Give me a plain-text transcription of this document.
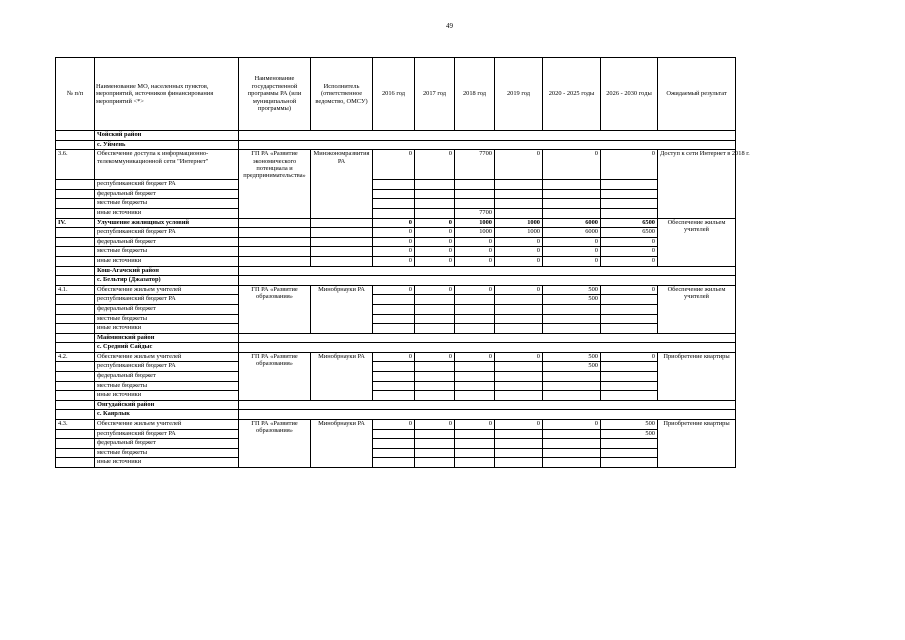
49
№ п/п	Наименование МО, населенных пунктов, мероприятий, источников финансирования мероприятий <*>	Наименование государственной программы РА (или муниципальной программы)	Исполнитель (ответственное ведомство, ОМСУ)	2016 год	2017 год	2018 год	2019 год	2020 - 2025 годы	2026 - 2030 годы	Ожидаемый результат
	Чойский район									
	с. Уймень									
3.6.	Обеспечение доступа к информационно-телекоммуникационной сети "Интернет"	ГП РА «Развитие экономического потенциала и предпринимательства»	Минэкономразвития РА	0	0	7700	0	0	0	Доступ к сети Интернет в 2018 г.
	республиканский бюджет РА									
	федеральный бюджет									
	местные бюджеты									
	иные источники					7700				
IV.	Улучшение жилищных условий			0	0	1000	1000	6000	6500	Обеспечение жильем учителей
	республиканский бюджет РА			0	0	1000	1000	6000	6500	
	федеральный бюджет			0	0	0	0	0	0	
	местные бюджеты			0	0	0	0	0	0	
	иные источники			0	0	0	0	0	0	
	Кош-Агачский район									
	с. Бельтир (Джазатор)									
4.1.	Обеспечение жильем учителей	ГП РА «Развитие образования»	Минобрнауки РА	0	0	0	0	500	0	Обеспечение жильем учителей
	республиканский бюджет РА							500		
	федеральный бюджет									
	местные бюджеты									
	иные источники									
	Майминский район									
	с. Средний Сайдыс									
4.2.	Обеспечение жильем учителей	ГП РА «Развитие образования»	Минобрнауки РА	0	0	0	0	500	0	Приобретение квартиры
	республиканский бюджет РА							500		
	федеральный бюджет									
	местные бюджеты									
	иные источники									
	Онгудайский район									
	с. Каярлык									
4.3.	Обеспечение жильем учителей	ГП РА «Развитие образования»	Минобрнауки РА	0	0	0	0	0	500	Приобретение квартиры
	республиканский бюджет РА								500	
	федеральный бюджет									
	местные бюджеты									
	иные источники									
